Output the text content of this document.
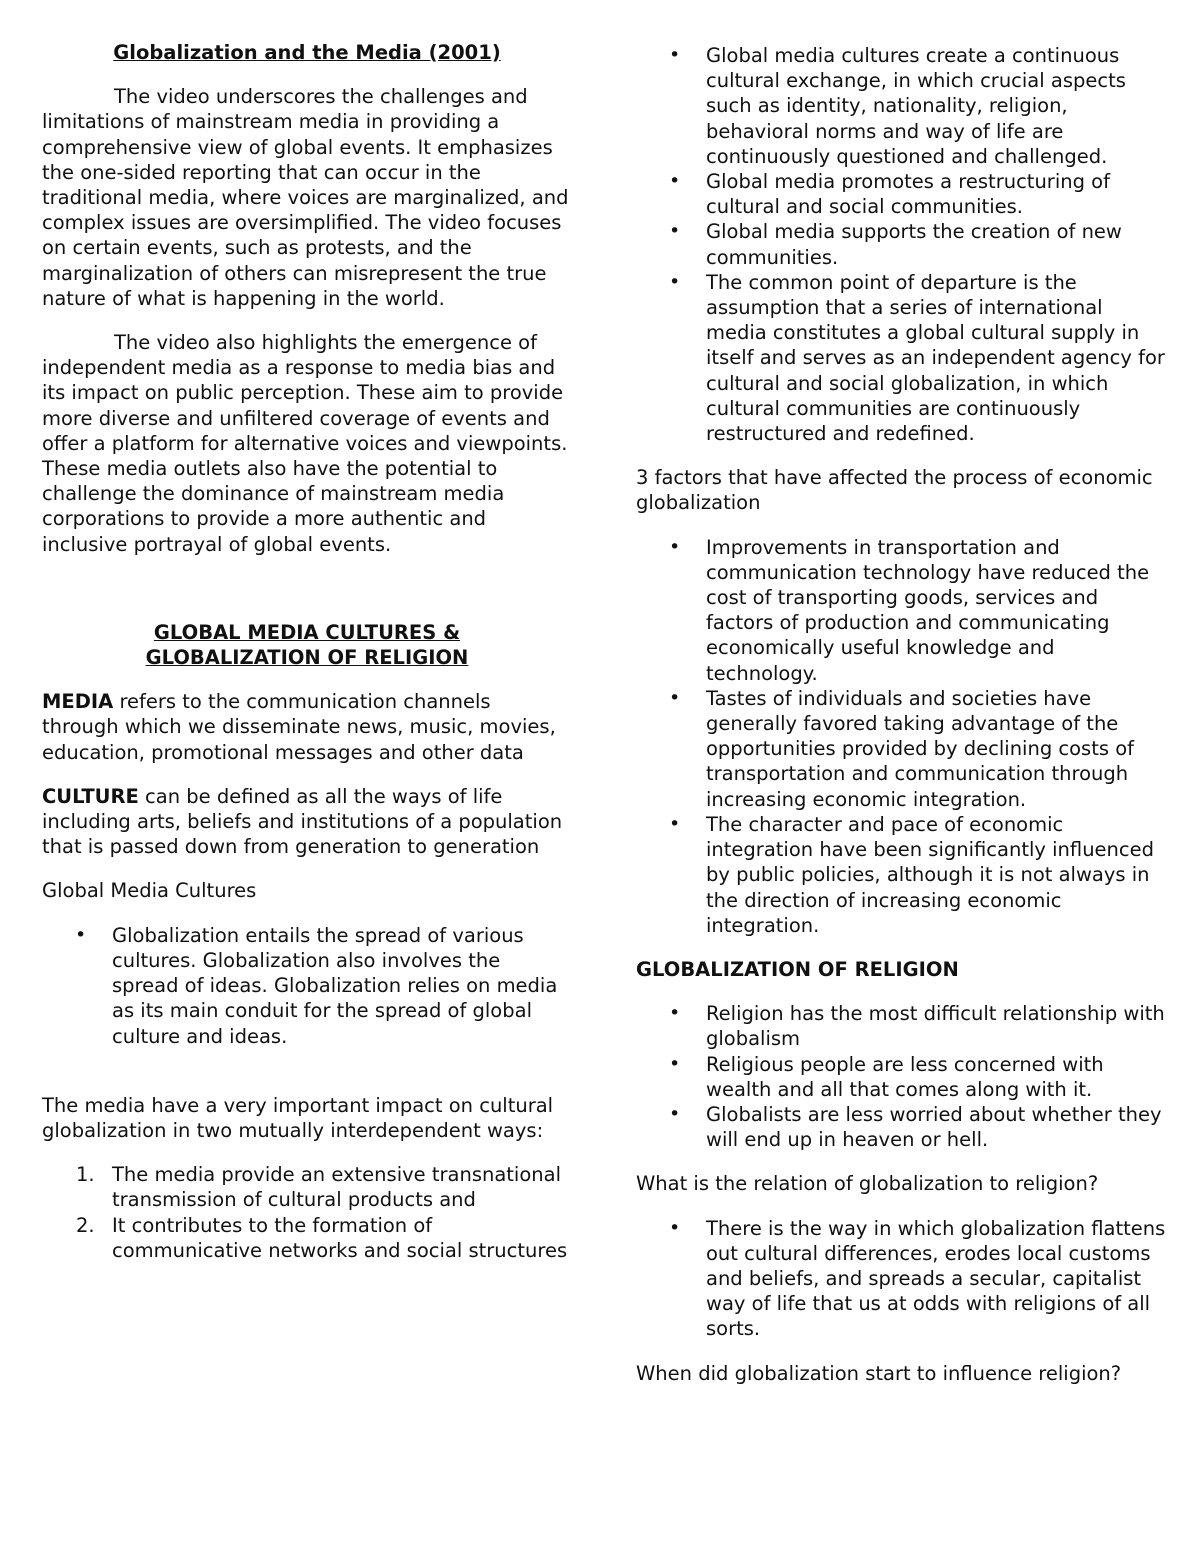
Globalization and the Media (2001)

The video underscores the challenges and limitations of mainstream media in providing a comprehensive view of global events. It emphasizes the one-sided reporting that can occur in the traditional media, where voices are marginalized, and complex issues are oversimplified. The video focuses on certain events, such as protests, and the marginalization of others can misrepresent the true nature of what is happening in the world.

The video also highlights the emergence of independent media as a response to media bias and its impact on public perception. These aim to provide more diverse and unfiltered coverage of events and offer a platform for alternative voices and viewpoints. These media outlets also have the potential to challenge the dominance of mainstream media corporations to provide a more authentic and inclusive portrayal of global events.

GLOBAL MEDIA CULTURES &

GLOBALIZATION OF RELIGION

MEDIA refers to the communication channels through which we disseminate news, music, movies, education, promotional messages and other data

CULTURE can be defined as all the ways of life including arts, beliefs and institutions of a population that is passed down from generation to generation

Global Media Cultures

• Globalization entails the spread of various cultures. Globalization also involves the spread of ideas. Globalization relies on media as its main conduit for the spread of global culture and ideas.

The media have a very important impact on cultural globalization in two mutually interdependent ways:

1. The media provide an extensive transnational transmission of cultural products and
2. It contributes to the formation of communicative networks and social structures
• Global media cultures create a continuous cultural exchange, in which crucial aspects such as identity, nationality, religion, behavioral norms and way of life are continuously questioned and challenged.
• Global media promotes a restructuring of cultural and social communities.
• Global media supports the creation of new communities.
• The common point of departure is the assumption that a series of international media constitutes a global cultural supply in itself and serves as an independent agency for cultural and social globalization, in which cultural communities are continuously restructured and redefined.

3 factors that have affected the process of economic globalization

• Improvements in transportation and communication technology have reduced the cost of transporting goods, services and factors of production and communicating economically useful knowledge and technology.
• Tastes of individuals and societies have generally favored taking advantage of the opportunities provided by declining costs of transportation and communication through increasing economic integration.
• The character and pace of economic integration have been significantly influenced by public policies, although it is not always in the direction of increasing economic integration.

GLOBALIZATION OF RELIGION

• Religion has the most difficult relationship with globalism
• Religious people are less concerned with wealth and all that comes along with it.
• Globalists are less worried about whether they will end up in heaven or hell.

What is the relation of globalization to religion?

• There is the way in which globalization flattens out cultural differences, erodes local customs and beliefs, and spreads a secular, capitalist way of life that us at odds with religions of all sorts.

When did globalization start to influence religion?
